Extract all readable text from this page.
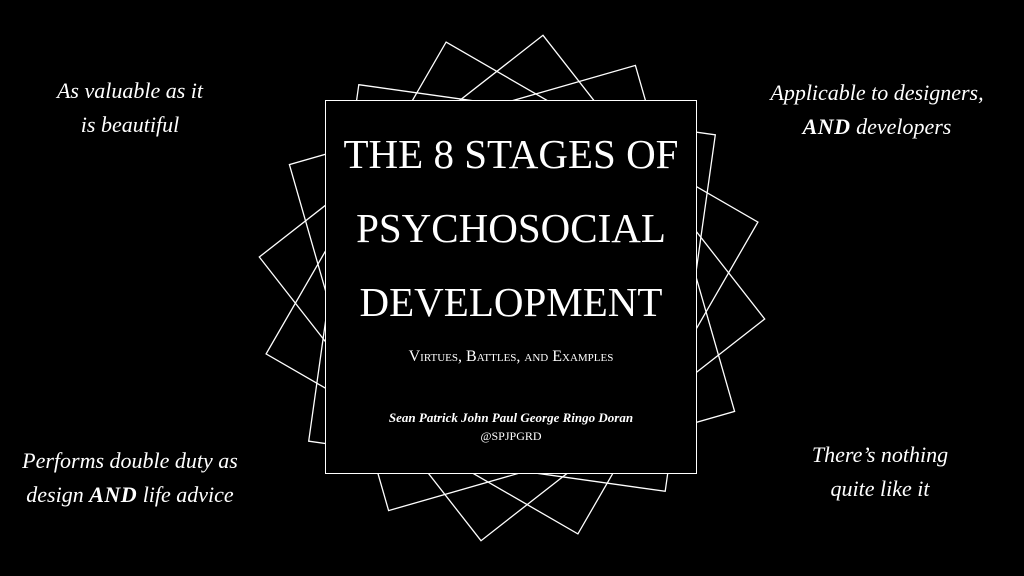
As valuable as it
is beautiful
Applicable to designers,
AND developers
Performs double duty as
design AND life advice
There’s nothing
quite like it
THE 8 STAGES OF
PSYCHOSOCIAL
DEVELOPMENT
Virtues, Battles, and Examples
Sean Patrick John Paul George Ringo Doran
@SPJPGRD
